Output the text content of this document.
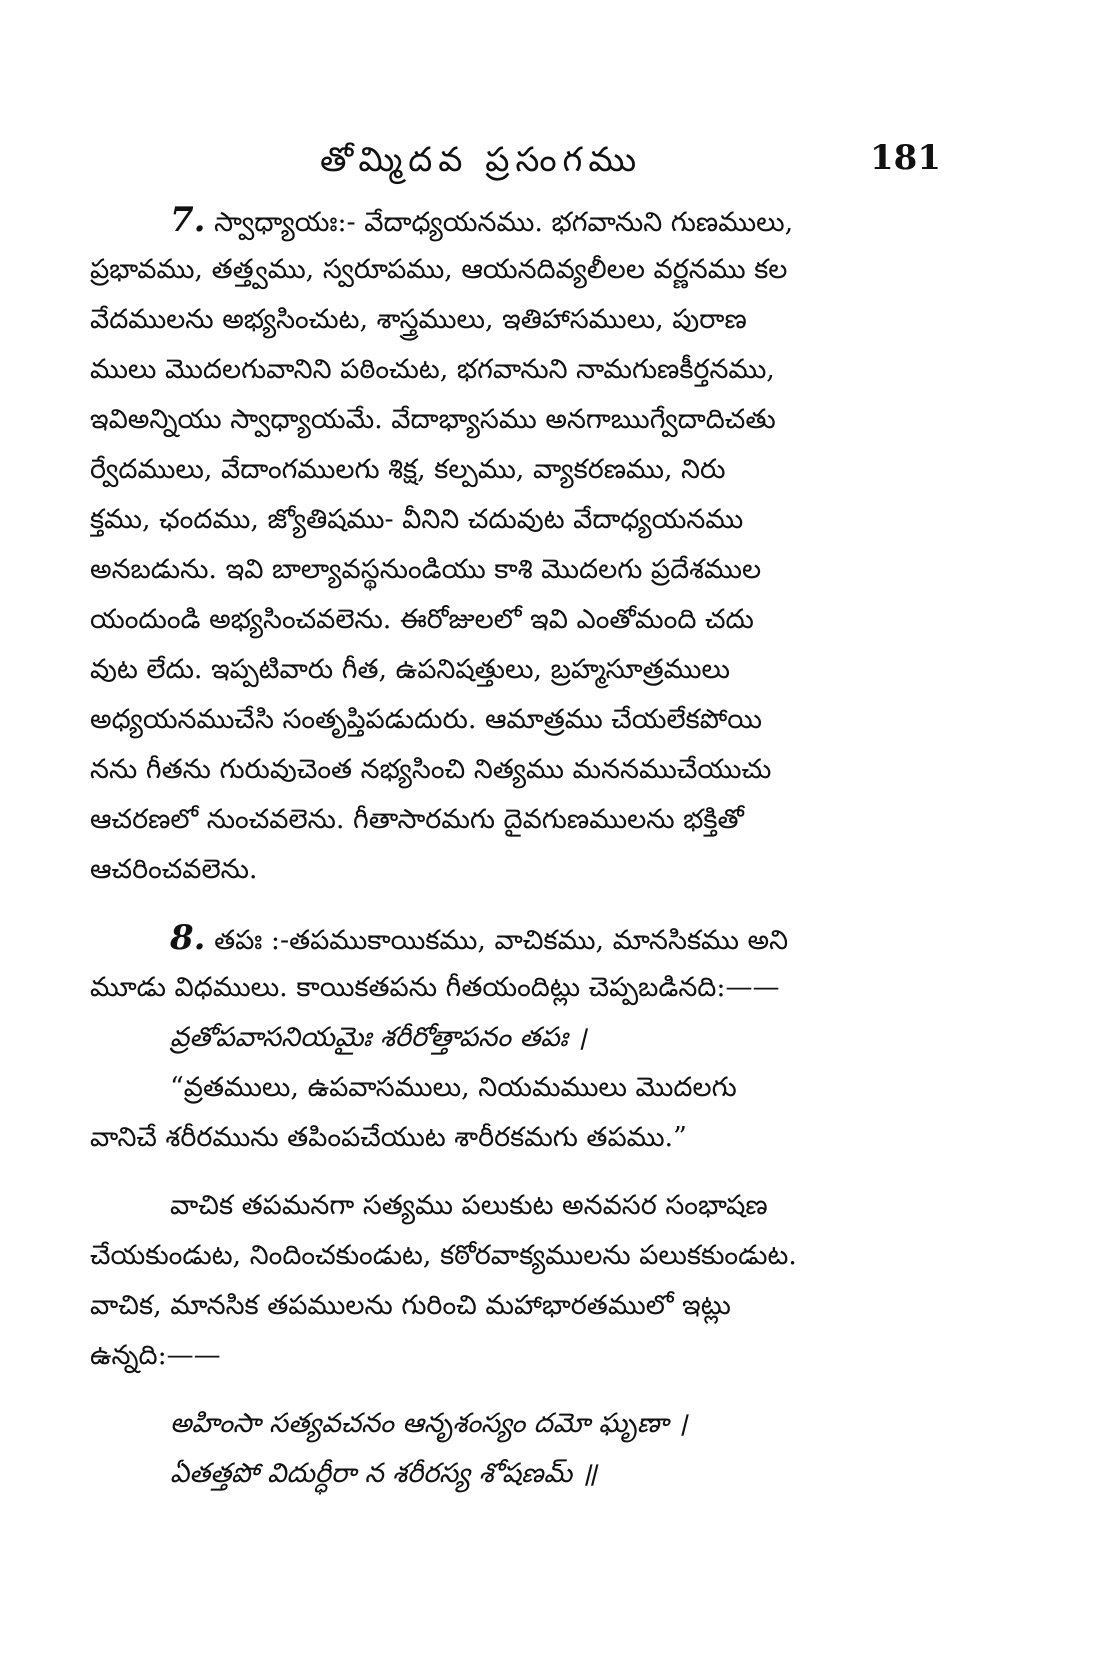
తోమ్మిదవ ప్రసంగము	181
7. స్వాధ్యాయః:- వేదాధ్యయనము. భగవానుని గుణములు,
ప్రభావము, తత్త్వము, స్వరూపము, ఆయనదివ్యలీలల వర్ణనము కల
వేదములను అభ్యసించుట, శాస్త్రములు, ఇతిహాసములు, పురాణ
ములు మొదలగువానిని పఠించుట, భగవానుని నామగుణకీర్తనము,
ఇవిఅన్నియు స్వాధ్యాయమే. వేదాభ్యాసము అనగాఋగ్వేదాదిచతు
ర్వేదములు, వేదాంగములగు శిక్ష, కల్పము, వ్యాకరణము, నిరు
క్తము, ఛందము, జ్యోతిషము- వీనిని చదువుట వేదాధ్యయనము
అనబడును. ఇవి బాల్యావస్థనుండియు కాశి మొదలగు ప్రదేశముల
యందుండి అభ్యసించవలెను. ఈరోజులలో ఇవి ఎంతోమంది చదు
వుట లేదు. ఇప్పటివారు గీత, ఉపనిషత్తులు, బ్రహ్మసూత్రములు
అధ్యయనముచేసి సంతృప్తిపడుదురు. ఆమాత్రము చేయలేకపోయి
నను గీతను గురువుచెంత నభ్యసించి నిత్యము మననముచేయుచు
ఆచరణలో నుంచవలెను. గీతాసారమగు దైవగుణములను భక్తితో
ఆచరించవలెను.
8. తపః :-తపముకాయికము, వాచికము, మానసికము అని
మూడు విధములు. కాయికతపను గీతయందిట్లు చెప్పబడినది:——
వ్రతోపవాసనియమైః శరీరోత్తాపనం తపః ।
“వ్రతములు, ఉపవాసములు, నియమములు మొదలగు
వానిచే శరీరమును తపింపచేయుట శారీరకమగు తపము.”
వాచిక తపమనగా సత్యము పలుకుట అనవసర సంభాషణ
చేయకుండుట, నిందించకుండుట, కఠోరవాక్యములను పలుకకుండుట.
వాచిక, మానసిక తపములను గురించి మహాభారతములో ఇట్లు
ఉన్నది:——
అహింసా సత్యవచనం ఆనృశంస్యం దమో ఘృణా ।
ఏతత్తపో విదుర్ధీరా న శరీరస్య శోషణమ్ ॥
